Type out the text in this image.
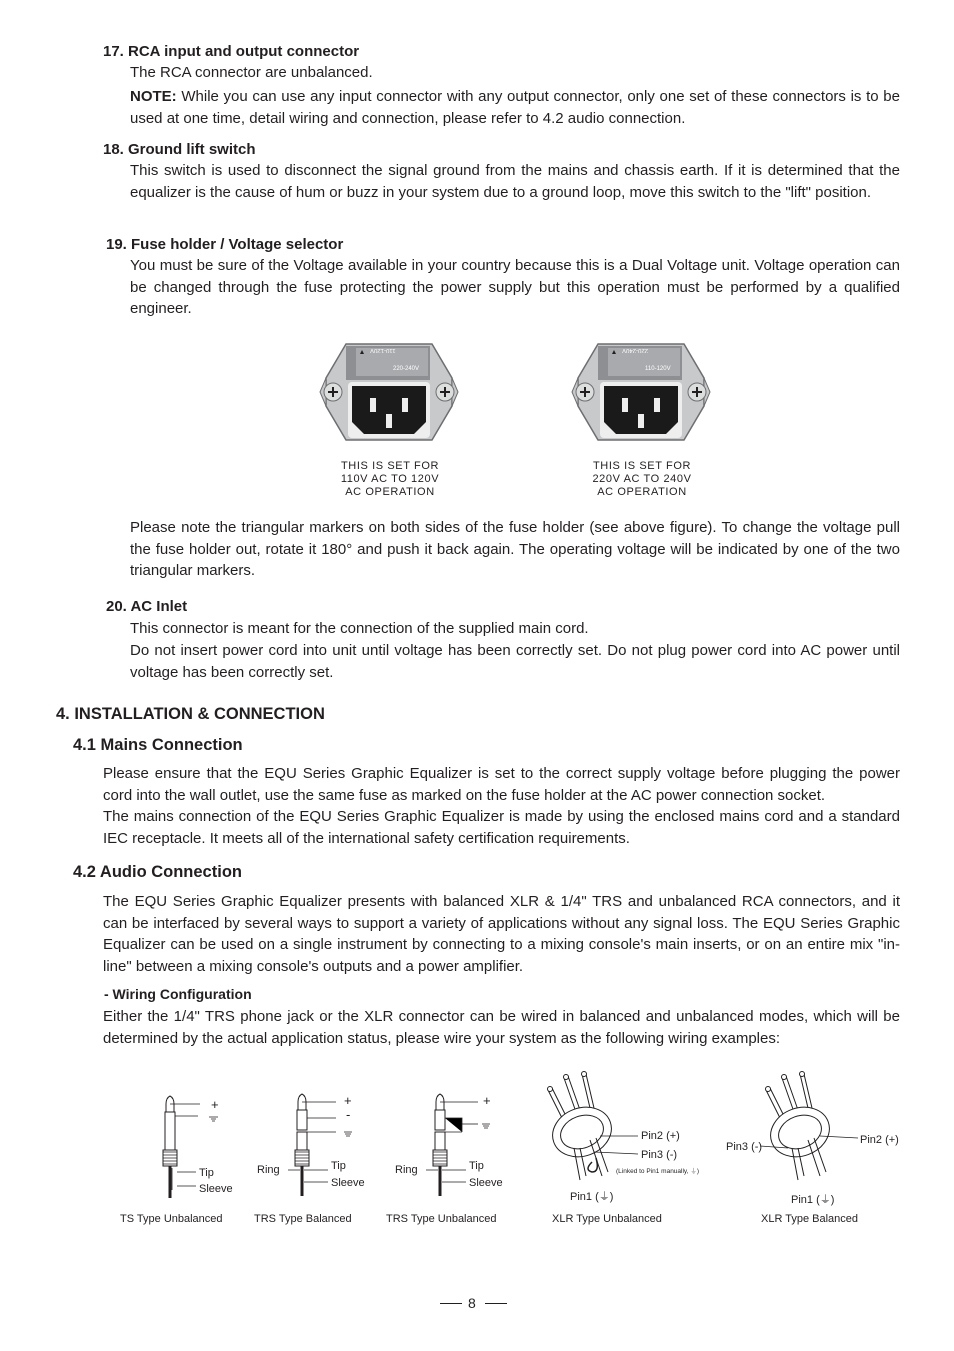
17. RCA input and output connector
The RCA connector are unbalanced.
NOTE: While you can use any input connector with any output connector, only one set of these connectors is to be used at one time, detail wiring and connection, please refer to 4.2 audio connection.
18. Ground lift switch
This switch is used to disconnect the signal ground from the mains and chassis earth. If it is determined that the equalizer is the cause of hum or buzz in your system due to a ground loop, move this switch to the "lift" position.
19. Fuse holder / Voltage selector
You must be sure of the Voltage available in your country because this is a Dual Voltage unit. Voltage operation can be changed through the fuse protecting the power supply but this operation must be performed by a qualified engineer.
110-120V
220-240V
THIS IS SET FOR
110V AC TO 120V
AC OPERATION
220-240V
110-120V
THIS IS SET FOR
220V AC TO 240V
AC OPERATION
Please note the triangular markers on both sides of the fuse holder (see above figure). To change the voltage pull the fuse holder out, rotate it 180° and push it back again. The operating voltage will be indicated by one of the two triangular markers.
20. AC Inlet
This connector is meant for the connection of the supplied main cord.
Do not insert power cord into unit until voltage has been correctly set. Do not plug power cord into AC power until voltage has been correctly set.
4. INSTALLATION & CONNECTION
4.1 Mains Connection
Please ensure that the EQU Series Graphic Equalizer is set to the correct supply voltage before plugging the power cord into the wall outlet, use the same fuse as marked on the fuse holder at the AC power connection socket.
The mains connection of the EQU Series Graphic Equalizer is made by using the enclosed mains cord and a standard IEC receptacle. It meets all of the international safety certification requirements.
4.2 Audio Connection
The EQU Series Graphic Equalizer presents with balanced XLR & 1/4" TRS and unbalanced RCA connectors, and it can be interfaced by several ways to support a variety of applications without any signal loss. The EQU Series Graphic Equalizer can be used on a single instrument by connecting to a mixing console's main inserts, or on an entire mix "in-line" between a mixing console's outputs and a power amplifier.
- Wiring Configuration
Either the 1/4" TRS phone jack or the XLR connector can be wired in balanced and unbalanced modes, which will be determined by the actual application status, please wire your system as the following wiring examples:
+
Tip
Sleeve
TS Type Unbalanced
+
-
Tip
Ring
Sleeve
TRS Type Balanced
+
Tip
Ring
Sleeve
TRS Type Unbalanced
Pin2 (+)
Pin3 (-)
(Linked to Pin1 manually, ⏚)
Pin1 (⏚)
XLR Type Unbalanced
Pin2 (+)
Pin3 (-)
Pin1 (⏚)
XLR Type Balanced
8
